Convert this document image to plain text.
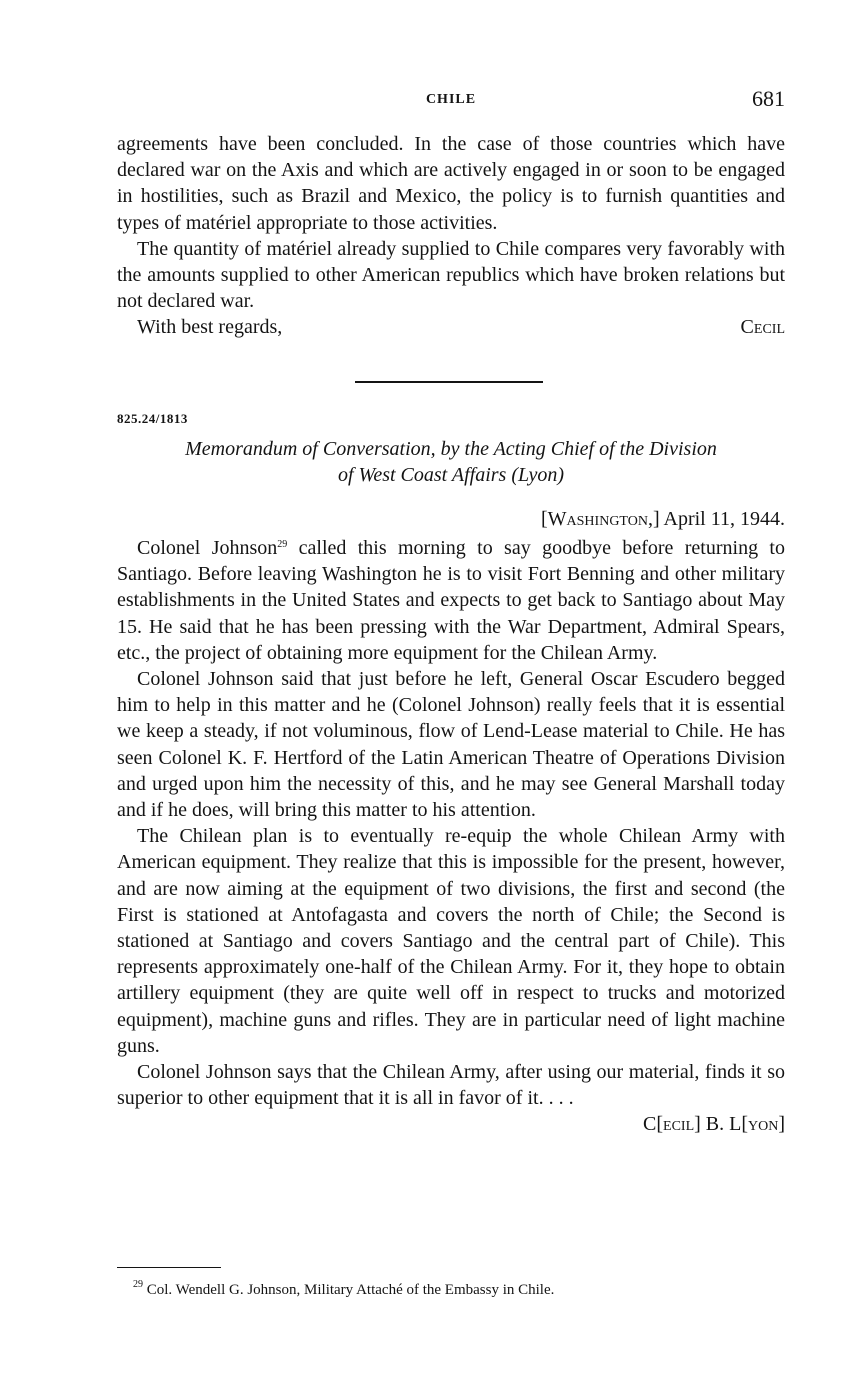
CHILE	681

agreements have been concluded. In the case of those countries which have declared war on the Axis and which are actively engaged in or soon to be engaged in hostilities, such as Brazil and Mexico, the policy is to furnish quantities and types of matériel appropriate to those activities.

The quantity of matériel already supplied to Chile compares very favorably with the amounts supplied to other American republics which have broken relations but not declared war.

With best regards,	Cecil
825.24/1813
Memorandum of Conversation, by the Acting Chief of the Division
of West Coast Affairs (Lyon)
[Washington,] April 11, 1944.

Colonel Johnson$^{29}$ called this morning to say goodbye before returning to Santiago. Before leaving Washington he is to visit Fort Benning and other military establishments in the United States and expects to get back to Santiago about May 15. He said that he has been pressing with the War Department, Admiral Spears, etc., the project of obtaining more equipment for the Chilean Army.

Colonel Johnson said that just before he left, General Oscar Escudero begged him to help in this matter and he (Colonel Johnson) really feels that it is essential we keep a steady, if not voluminous, flow of Lend-Lease material to Chile. He has seen Colonel K. F. Hertford of the Latin American Theatre of Operations Division and urged upon him the necessity of this, and he may see General Marshall today and if he does, will bring this matter to his attention.

The Chilean plan is to eventually re-equip the whole Chilean Army with American equipment. They realize that this is impossible for the present, however, and are now aiming at the equipment of two divisions, the first and second (the First is stationed at Antofagasta and covers the north of Chile; the Second is stationed at Santiago and covers Santiago and the central part of Chile). This represents approximately one-half of the Chilean Army. For it, they hope to obtain artillery equipment (they are quite well off in respect to trucks and motorized equipment), machine guns and rifles. They are in particular need of light machine guns.

Colonel Johnson says that the Chilean Army, after using our material, finds it so superior to other equipment that it is all in favor of it. . . .

C[ecil] B. L[yon]
$^{29}$ Col. Wendell G. Johnson, Military Attaché of the Embassy in Chile.
